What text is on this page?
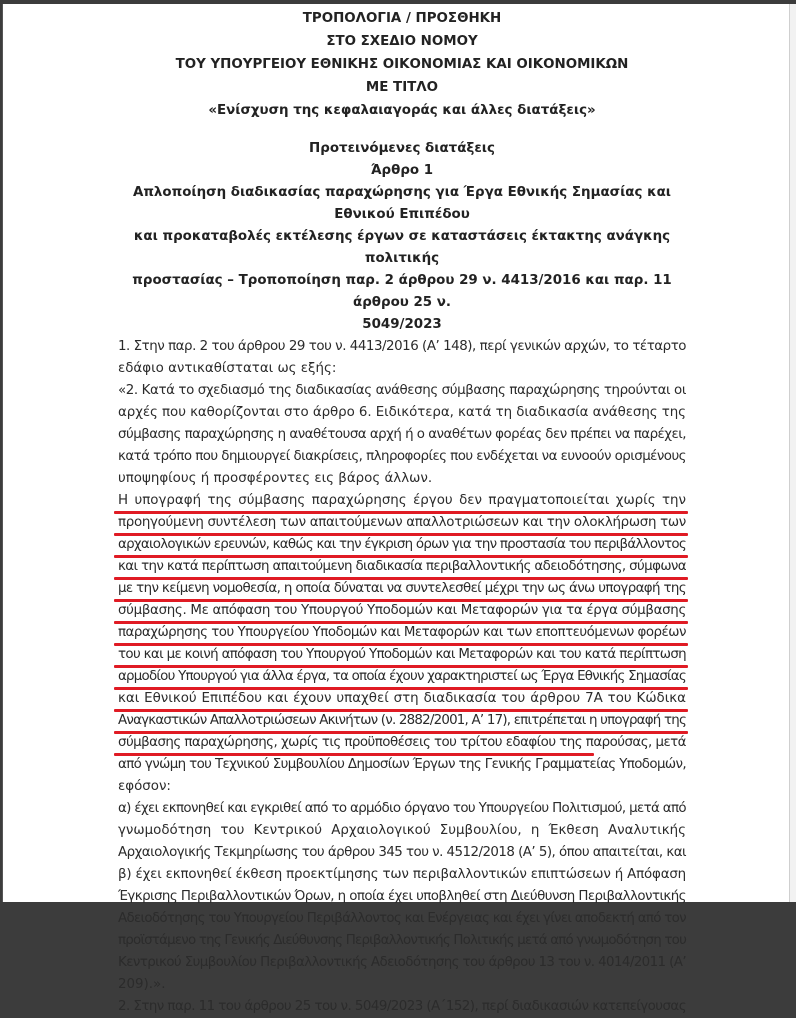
ΤΡΟΠΟΛΟΓΙΑ / ΠΡΟΣΘΗΚΗ
ΣΤΟ ΣΧΕΔΙΟ ΝΟΜΟΥ
ΤΟΥ ΥΠΟΥΡΓΕΙΟΥ ΕΘΝΙΚΗΣ ΟΙΚΟΝΟΜΙΑΣ ΚΑΙ ΟΙΚΟΝΟΜΙΚΩΝ
ΜΕ ΤΙΤΛΟ
«Ενίσχυση της κεφαλαιαγοράς και άλλες διατάξεις»
Προτεινόμενες διατάξεις
Άρθρο 1
Απλοποίηση διαδικασίας παραχώρησης για Έργα Εθνικής Σημασίας και Εθνικού Επιπέδου
και προκαταβολές εκτέλεσης έργων σε καταστάσεις έκτακτης ανάγκης πολιτικής
προστασίας – Τροποποίηση παρ. 2 άρθρου 29 ν. 4413/2016 και παρ. 11 άρθρου 25 ν.
5049/2023
1. Στην παρ. 2 του άρθρου 29 του ν. 4413/2016 (Α’ 148), περί γενικών αρχών, το τέταρτο
εδάφιο αντικαθίσταται ως εξής:
«2. Κατά το σχεδιασμό της διαδικασίας ανάθεσης σύμβασης παραχώρησης τηρούνται οι
αρχές που καθορίζονται στο άρθρο 6. Ειδικότερα, κατά τη διαδικασία ανάθεσης της
σύμβασης παραχώρησης η αναθέτουσα αρχή ή ο αναθέτων φορέας δεν πρέπει να παρέχει,
κατά τρόπο που δημιουργεί διακρίσεις, πληροφορίες που ενδέχεται να ευνοούν ορισμένους
υποψηφίους ή προσφέροντες εις βάρος άλλων.
Η υπογραφή της σύμβασης παραχώρησης έργου δεν πραγματοποιείται χωρίς την
προηγούμενη συντέλεση των απαιτούμενων απαλλοτριώσεων και την ολοκλήρωση των
αρχαιολογικών ερευνών, καθώς και την έγκριση όρων για την προστασία του περιβάλλοντος
και την κατά περίπτωση απαιτούμενη διαδικασία περιβαλλοντικής αδειοδότησης, σύμφωνα
με την κείμενη νομοθεσία, η οποία δύναται να συντελεσθεί μέχρι την ως άνω υπογραφή της
σύμβασης. Με απόφαση του Υπουργού Υποδομών και Μεταφορών για τα έργα σύμβασης
παραχώρησης του Υπουργείου Υποδομών και Μεταφορών και των εποπτευόμενων φορέων
του και με κοινή απόφαση του Υπουργού Υποδομών και Μεταφορών και του κατά περίπτωση
αρμοδίου Υπουργού για άλλα έργα, τα οποία έχουν χαρακτηριστεί ως Έργα Εθνικής Σημασίας
και Εθνικού Επιπέδου και έχουν υπαχθεί στη διαδικασία του άρθρου 7Α του Κώδικα
Αναγκαστικών Απαλλοτριώσεων Ακινήτων (ν. 2882/2001, Α’ 17), επιτρέπεται η υπογραφή της
σύμβασης παραχώρησης, χωρίς τις προϋποθέσεις του τρίτου εδαφίου της παρούσας, μετά
από γνώμη του Τεχνικού Συμβουλίου Δημοσίων Έργων της Γενικής Γραμματείας Υποδομών,
εφόσον:
α) έχει εκπονηθεί και εγκριθεί από το αρμόδιο όργανο του Υπουργείου Πολιτισμού, μετά από
γνωμοδότηση του Κεντρικού Αρχαιολογικού Συμβουλίου, η Έκθεση Αναλυτικής
Αρχαιολογικής Τεκμηρίωσης του άρθρου 345 του ν. 4512/2018 (Α’ 5), όπου απαιτείται, και
β) έχει εκπονηθεί έκθεση προεκτίμησης των περιβαλλοντικών επιπτώσεων ή Απόφαση
Έγκρισης Περιβαλλοντικών Όρων, η οποία έχει υποβληθεί στη Διεύθυνση Περιβαλλοντικής
Αδειοδότησης του Υπουργείου Περιβάλλοντος και Ενέργειας και έχει γίνει αποδεκτή από τον
προϊστάμενο της Γενικής Διεύθυνσης Περιβαλλοντικής Πολιτικής μετά από γνωμοδότηση του
Κεντρικού Συμβουλίου Περιβαλλοντικής Αδειοδότησης του άρθρου 13 του ν. 4014/2011 (Α’
209).».
2. Στην παρ. 11 του άρθρου 25 του ν. 5049/2023 (Α΄152), περί διαδικασιών κατεπείγουσας
